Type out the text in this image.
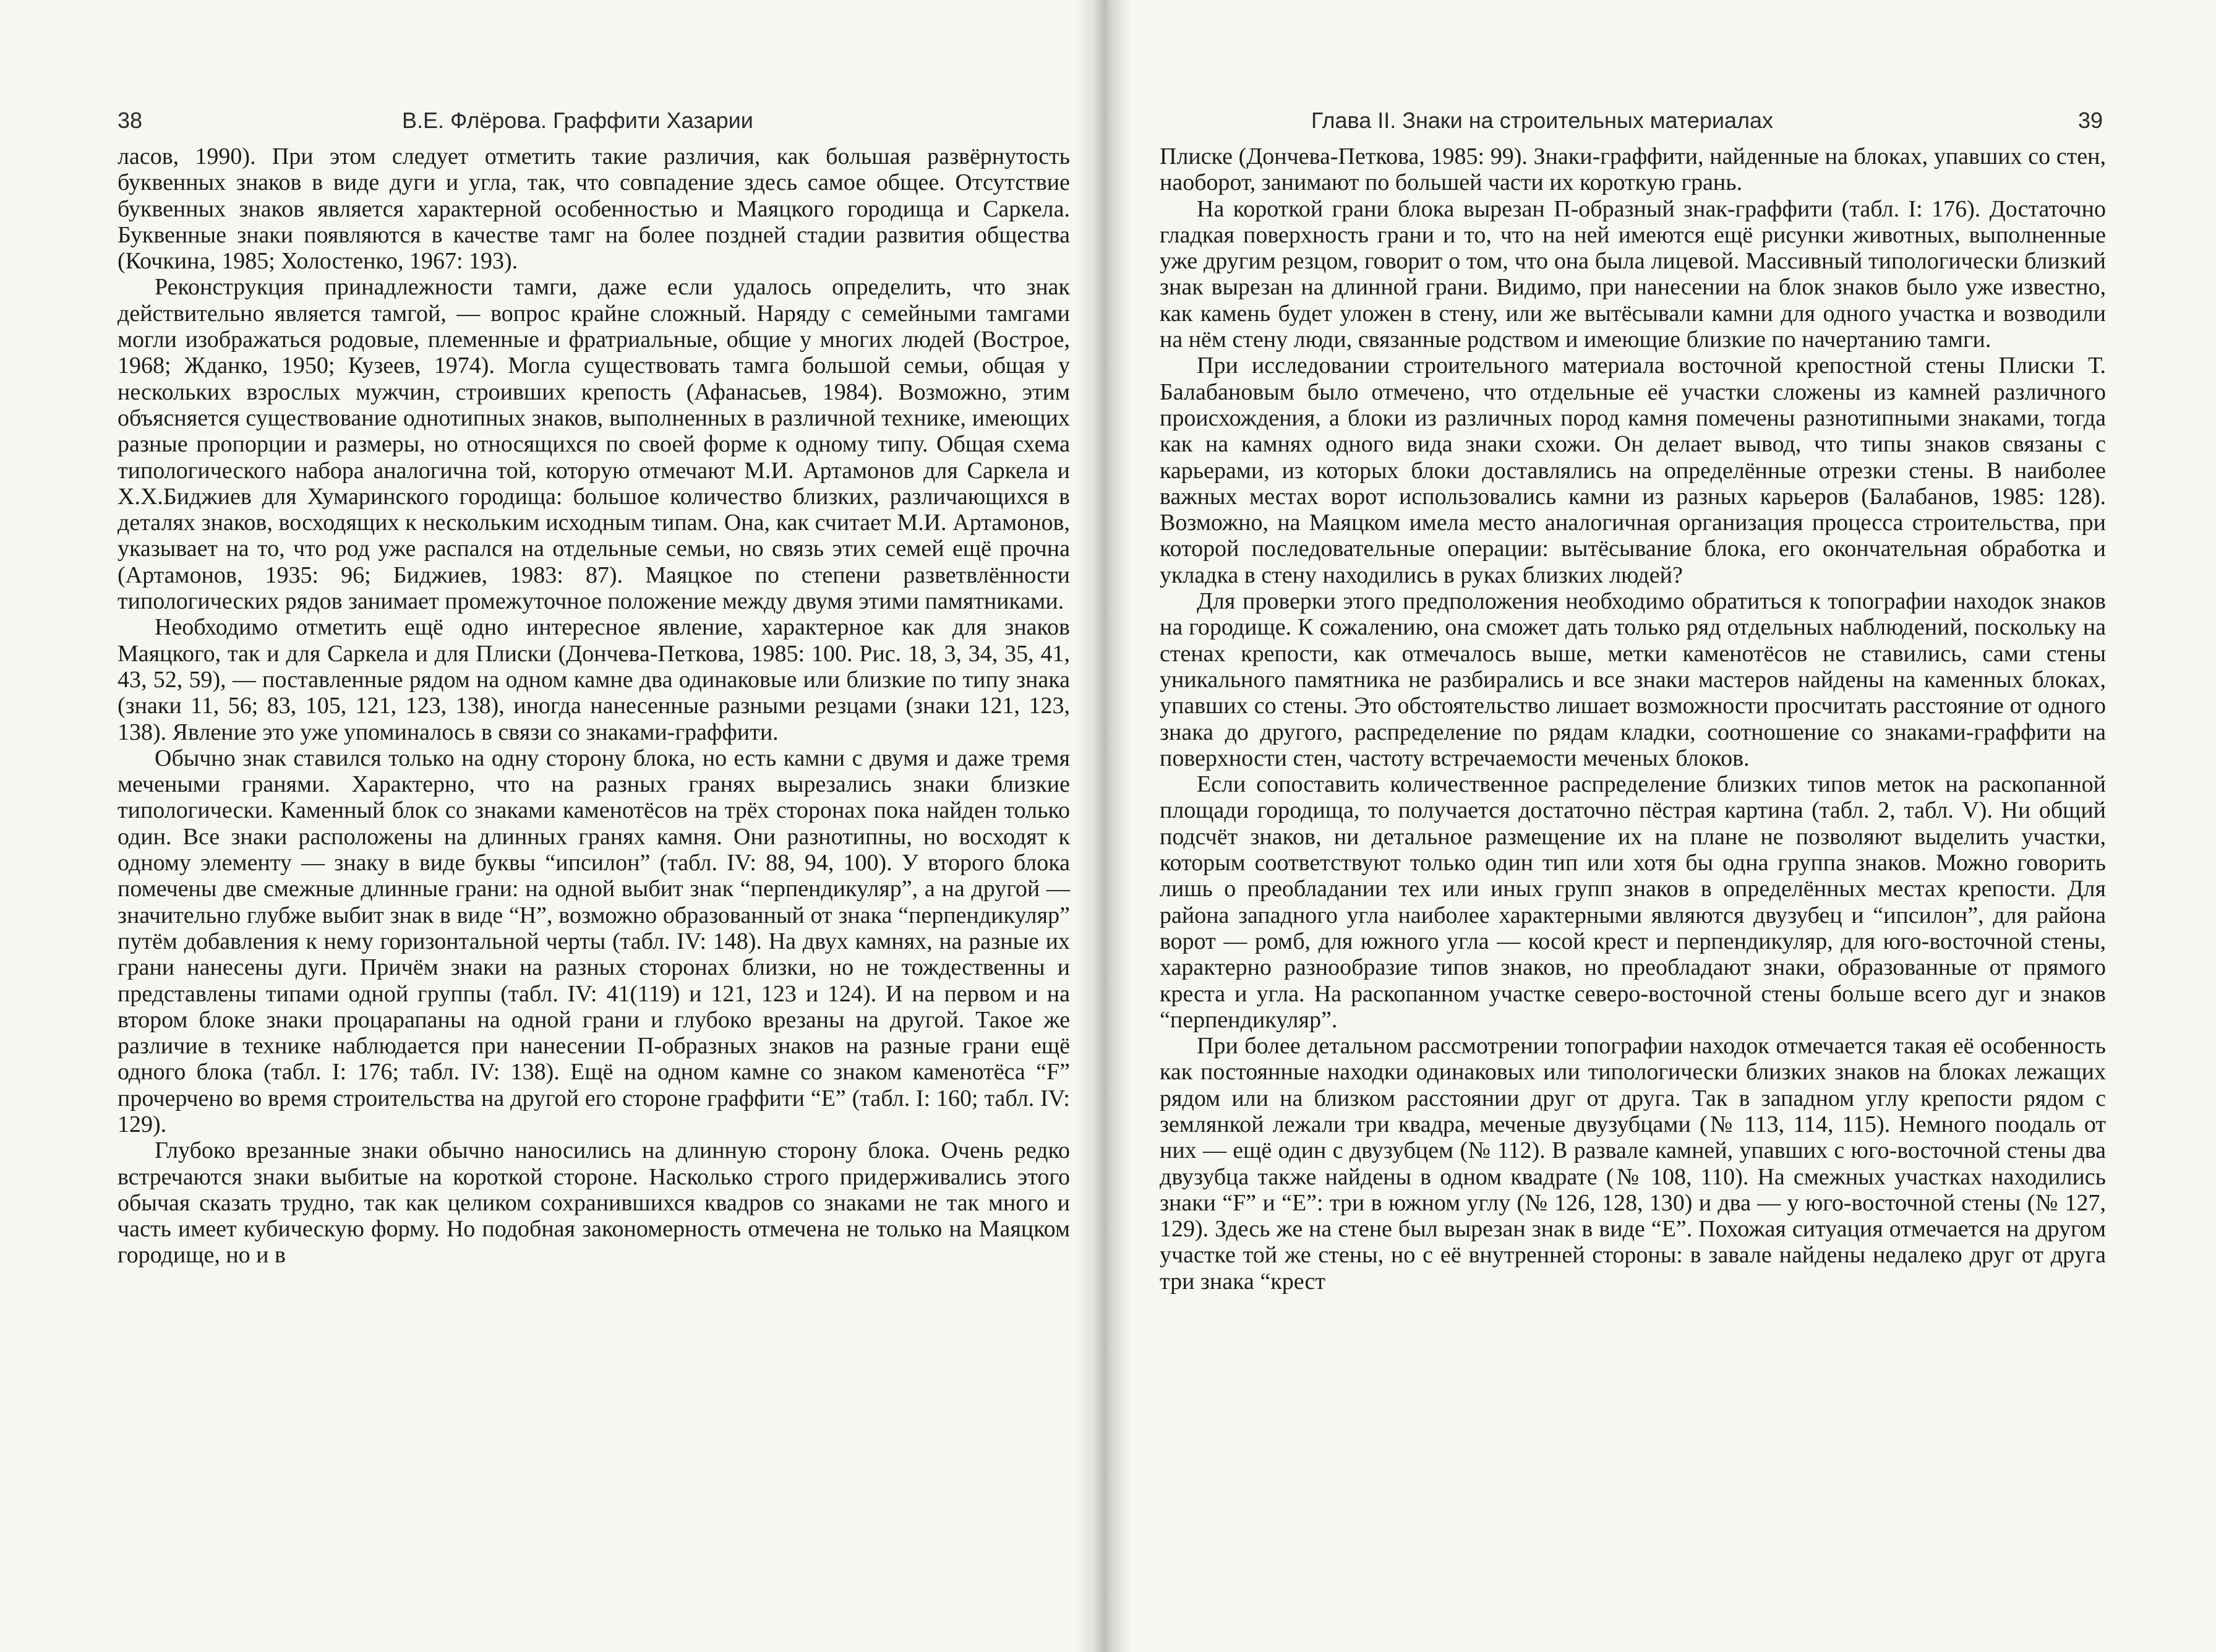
38	В.Е. Флёрова. Граффити Хазарии

ласов, 1990). При этом следует отметить такие различия, как большая развёрнутость буквенных знаков в виде дуги и угла, так, что совпадение здесь самое общее. Отсутствие буквенных знаков является характерной особенностью и Маяцкого городища и Саркела. Буквенные знаки появляются в качестве тамг на более поздней стадии развития общества (Кочкина, 1985; Холостенко, 1967: 193).

Реконструкция принадлежности тамги, даже если удалось определить, что знак действительно является тамгой, — вопрос крайне сложный. Наряду с семейными тамгами могли изображаться родовые, племенные и фратриальные, общие у многих людей (Вострое, 1968; Жданко, 1950; Кузеев, 1974). Могла существовать тамга большой семьи, общая у нескольких взрослых мужчин, строивших крепость (Афанасьев, 1984). Возможно, этим объясняется существование однотипных знаков, выполненных в различной технике, имеющих разные пропорции и размеры, но относящихся по своей форме к одному типу. Общая схема типологического набора аналогична той, которую отмечают М.И. Артамонов для Саркела и Х.Х.Биджиев для Хумаринского городища: большое количество близких, различающихся в деталях знаков, восходящих к нескольким исходным типам. Она, как считает М.И. Артамонов, указывает на то, что род уже распался на отдельные семьи, но связь этих семей ещё прочна (Артамонов, 1935: 96; Биджиев, 1983: 87). Маяцкое по степени разветвлённости типологических рядов занимает промежуточное положение между двумя этими памятниками.

Необходимо отметить ещё одно интересное явление, характерное как для знаков Маяцкого, так и для Саркела и для Плиски (Дончева-Петкова, 1985: 100. Рис. 18, 3, 34, 35, 41, 43, 52, 59), — поставленные рядом на одном камне два одинаковые или близкие по типу знака (знаки 11, 56; 83, 105, 121, 123, 138), иногда нанесенные разными резцами (знаки 121, 123, 138). Явление это уже упоминалось в связи со знаками-граффити.

Обычно знак ставился только на одну сторону блока, но есть камни с двумя и даже тремя мечеными гранями. Характерно, что на разных гранях вырезались знаки близкие типологически. Каменный блок со знаками каменотёсов на трёх сторонах пока найден только один. Все знаки расположены на длинных гранях камня. Они разнотипны, но восходят к одному элементу — знаку в виде буквы “ипсилон” (табл. IV: 88, 94, 100). У второго блока помечены две смежные длинные грани: на одной выбит знак “перпендикуляр”, а на другой — значительно глубже выбит знак в виде “Н”, возможно образованный от знака “перпендикуляр” путём добавления к нему горизонтальной черты (табл. IV: 148). На двух камнях, на разные их грани нанесены дуги. Причём знаки на разных сторонах близки, но не тождественны и представлены типами одной группы (табл. IV: 41(119) и 121, 123 и 124). И на первом и на втором блоке знаки процарапаны на одной грани и глубоко врезаны на другой. Такое же различие в технике наблюдается при нанесении П-образных знаков на разные грани ещё одного блока (табл. I: 176; табл. IV: 138). Ещё на одном камне со знаком каменотёса “F” прочерчено во время строительства на другой его стороне граффити “Е” (табл. I: 160; табл. IV: 129).

Глубоко врезанные знаки обычно наносились на длинную сторону блока. Очень редко встречаются знаки выбитые на короткой стороне. Насколько строго придерживались этого обычая сказать трудно, так как целиком сохранившихся квадров со знаками не так много и часть имеет кубическую форму. Но подобная закономерность отмечена не только на Маяцком городище, но и в

Глава II. Знаки на строительных материалах	39

Плиске (Дончева-Петкова, 1985: 99). Знаки-граффити, найденные на блоках, упавших со стен, наоборот, занимают по большей части их короткую грань.

На короткой грани блока вырезан П-образный знак-граффити (табл. I: 176). Достаточно гладкая поверхность грани и то, что на ней имеются ещё рисунки животных, выполненные уже другим резцом, говорит о том, что она была лицевой. Массивный типологически близкий знак вырезан на длинной грани. Видимо, при нанесении на блок знаков было уже известно, как камень будет уложен в стену, или же вытёсывали камни для одного участка и возводили на нём стену люди, связанные родством и имеющие близкие по начертанию тамги.

При исследовании строительного материала восточной крепостной стены Плиски Т. Балабановым было отмечено, что отдельные её участки сложены из камней различного происхождения, а блоки из различных пород камня помечены разнотипными знаками, тогда как на камнях одного вида знаки схожи. Он делает вывод, что типы знаков связаны с карьерами, из которых блоки доставлялись на определённые отрезки стены. В наиболее важных местах ворот использовались камни из разных карьеров (Балабанов, 1985: 128). Возможно, на Маяцком имела место аналогичная организация процесса строительства, при которой последовательные операции: вытёсывание блока, его окончательная обработка и укладка в стену находились в руках близких людей?

Для проверки этого предположения необходимо обратиться к топографии находок знаков на городище. К сожалению, она сможет дать только ряд отдельных наблюдений, поскольку на стенах крепости, как отмечалось выше, метки каменотёсов не ставились, сами стены уникального памятника не разбирались и все знаки мастеров найдены на каменных блоках, упавших со стены. Это обстоятельство лишает возможности просчитать расстояние от одного знака до другого, распределение по рядам кладки, соотношение со знаками-граффити на поверхности стен, частоту встречаемости меченых блоков.

Если сопоставить количественное распределение близких типов меток на раскопанной площади городища, то получается достаточно пёстрая картина (табл. 2, табл. V). Ни общий подсчёт знаков, ни детальное размещение их на плане не позволяют выделить участки, которым соответствуют только один тип или хотя бы одна группа знаков. Можно говорить лишь о преобладании тех или иных групп знаков в определённых местах крепости. Для района западного угла наиболее характерными являются двузубец и “ипсилон”, для района ворот — ромб, для южного угла — косой крест и перпендикуляр, для юго-восточной стены, характерно разнообразие типов знаков, но преобладают знаки, образованные от прямого креста и угла. На раскопанном участке северо-восточной стены больше всего дуг и знаков “перпендикуляр”.

При более детальном рассмотрении топографии находок отмечается такая её особенность как постоянные находки одинаковых или типологически близких знаков на блоках лежащих рядом или на близком расстоянии друг от друга. Так в западном углу крепости рядом с землянкой лежали три квадра, меченые двузубцами (№ 113, 114, 115). Немного поодаль от них — ещё один с двузубцем (№ 112). В развале камней, упавших с юго-восточной стены два двузубца также найдены в одном квадрате (№ 108, 110). На смежных участках находились знаки “F” и “Е”: три в южном углу (№ 126, 128, 130) и два — у юго-восточной стены (№ 127, 129). Здесь же на стене был вырезан знак в виде “Е”. Похожая ситуация отмечается на другом участке той же стены, но с её внутренней стороны: в завале найдены недалеко друг от друга три знака “крест
